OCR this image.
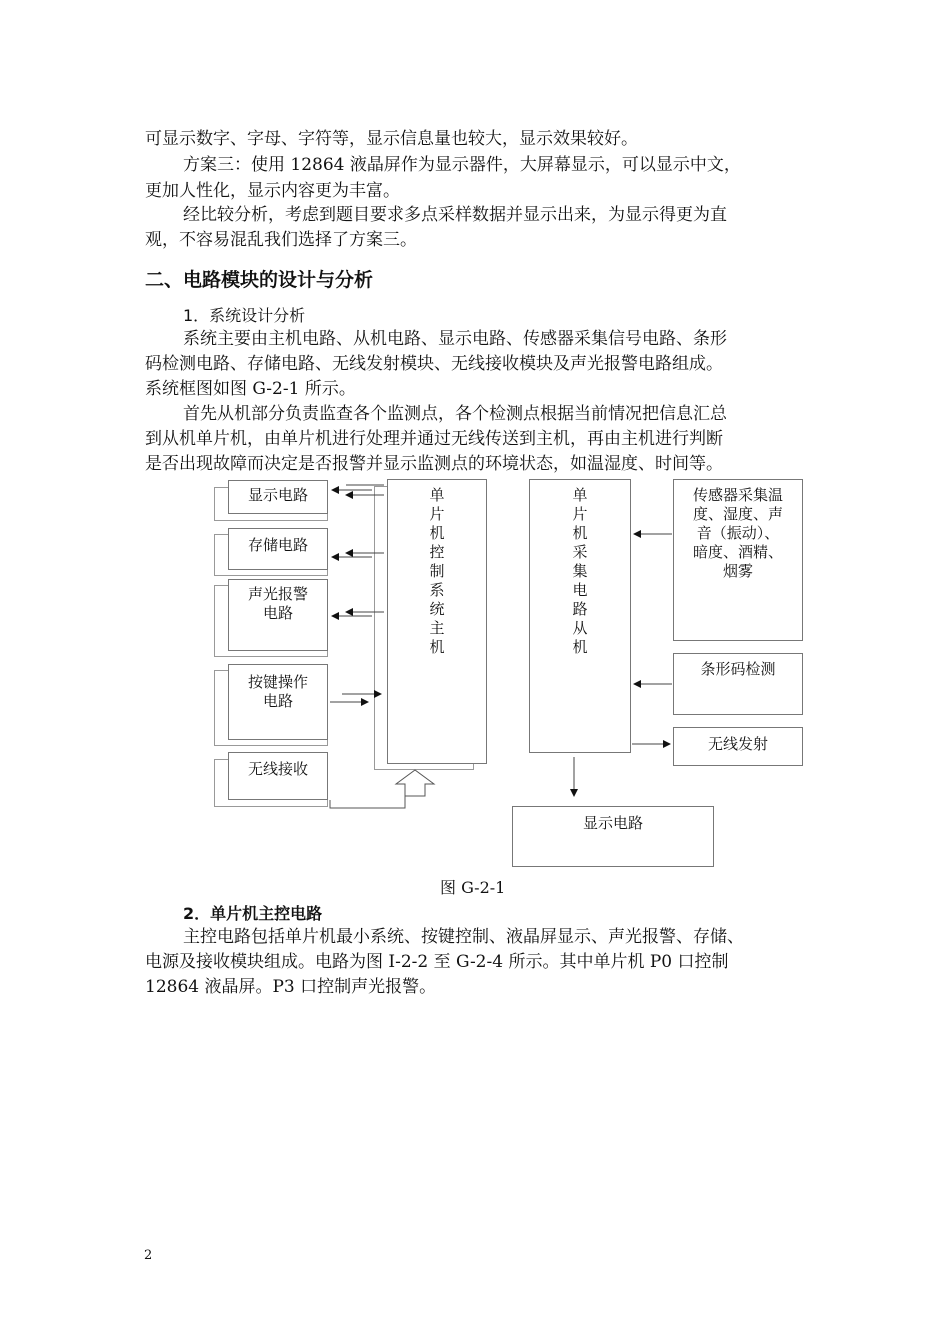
可显示数字、字母、字符等，显示信息量也较大，显示效果较好。
方案三：使用 12864 液晶屏作为显示器件，大屏幕显示，可以显示中文，
更加人性化，显示内容更为丰富。
经比较分析，考虑到题目要求多点采样数据并显示出来，为显示得更为直
观，不容易混乱我们选择了方案三。
二、电路模块的设计与分析
1．系统设计分析
系统主要由主机电路、从机电路、显示电路、传感器采集信号电路、条形
码检测电路、存储电路、无线发射模块、无线接收模块及声光报警电路组成。
系统框图如图 G-2-1 所示。
首先从机部分负责监查各个监测点，各个检测点根据当前情况把信息汇总
到从机单片机，由单片机进行处理并通过无线传送到主机，再由主机进行判断
是否出现故障而决定是否报警并显示监测点的环境状态，如温湿度、时间等。
显示电路
存储电路
声光报警
电路
按键操作
电路
无线接收
单片机控制系统主机
单片机采集电路从机
传感器采集温
度、湿度、声
音（振动）、
暗度、酒精、
烟雾
条形码检测
无线发射
显示电路
图 G-2-1
2．单片机主控电路
主控电路包括单片机最小系统、按键控制、液晶屏显示、声光报警、存储、
电源及接收模块组成。电路为图 I-2-2 至 G-2-4 所示。其中单片机 P0 口控制
12864 液晶屏。P3 口控制声光报警。
2
